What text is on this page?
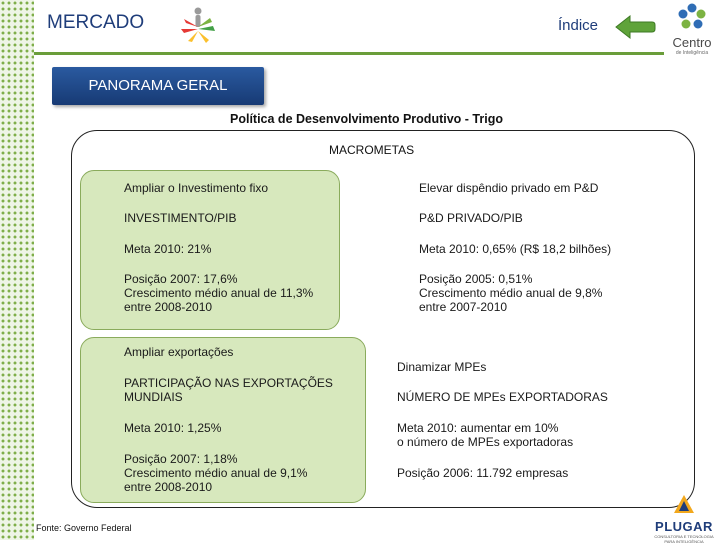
MERCADO	Índice
Centro
de Inteligência
PANORAMA GERAL
Política de Desenvolvimento Produtivo - Trigo
MACROMETAS
Ampliar o Investimento fixo
INVESTIMENTO/PIB
Meta 2010: 21%
Posição 2007: 17,6%
Crescimento médio anual de 11,3%
entre 2008-2010
Elevar dispêndio privado em P&D
P&D PRIVADO/PIB
Meta 2010: 0,65% (R$ 18,2 bilhões)
Posição 2005: 0,51%
Crescimento médio anual de 9,8%
entre 2007-2010
Ampliar exportações
PARTICIPAÇÃO NAS EXPORTAÇÕES
MUNDIAIS
Meta 2010: 1,25%
Posição 2007: 1,18%
Crescimento médio anual de 9,1%
entre 2008-2010
Dinamizar MPEs
NÚMERO DE MPEs EXPORTADORAS
Meta 2010: aumentar em 10%
o número de MPEs exportadoras
Posição 2006: 11.792 empresas
Fonte: Governo Federal	PLUGAR
CONSULTORIA E TECNOLOGIA PARA INTELIGÊNCIA
